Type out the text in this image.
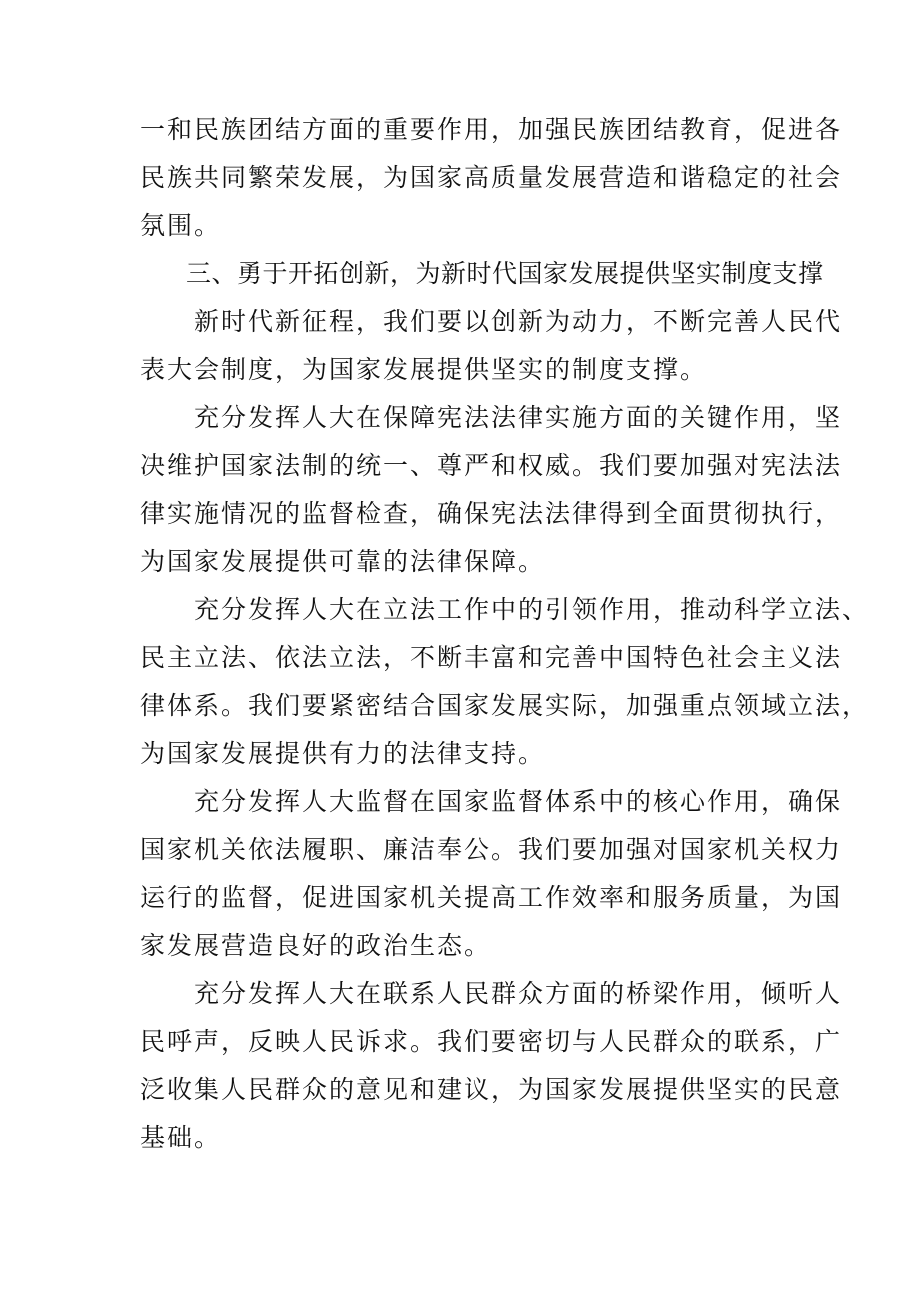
一和民族团结方面的重要作用，加强民族团结教育，促进各
民族共同繁荣发展，为国家高质量发展营造和谐稳定的社会
氛围。
三、勇于开拓创新，为新时代国家发展提供坚实制度支撑
　　新时代新征程，我们要以创新为动力，不断完善人民代
表大会制度，为国家发展提供坚实的制度支撑。
　　充分发挥人大在保障宪法法律实施方面的关键作用，坚
决维护国家法制的统一、尊严和权威。我们要加强对宪法法
律实施情况的监督检查，确保宪法法律得到全面贯彻执行，
为国家发展提供可靠的法律保障。
　　充分发挥人大在立法工作中的引领作用，推动科学立法、
民主立法、依法立法，不断丰富和完善中国特色社会主义法
律体系。我们要紧密结合国家发展实际，加强重点领域立法，
为国家发展提供有力的法律支持。
　　充分发挥人大监督在国家监督体系中的核心作用，确保
国家机关依法履职、廉洁奉公。我们要加强对国家机关权力
运行的监督，促进国家机关提高工作效率和服务质量，为国
家发展营造良好的政治生态。
　　充分发挥人大在联系人民群众方面的桥梁作用，倾听人
民呼声，反映人民诉求。我们要密切与人民群众的联系，广
泛收集人民群众的意见和建议，为国家发展提供坚实的民意
基础。
